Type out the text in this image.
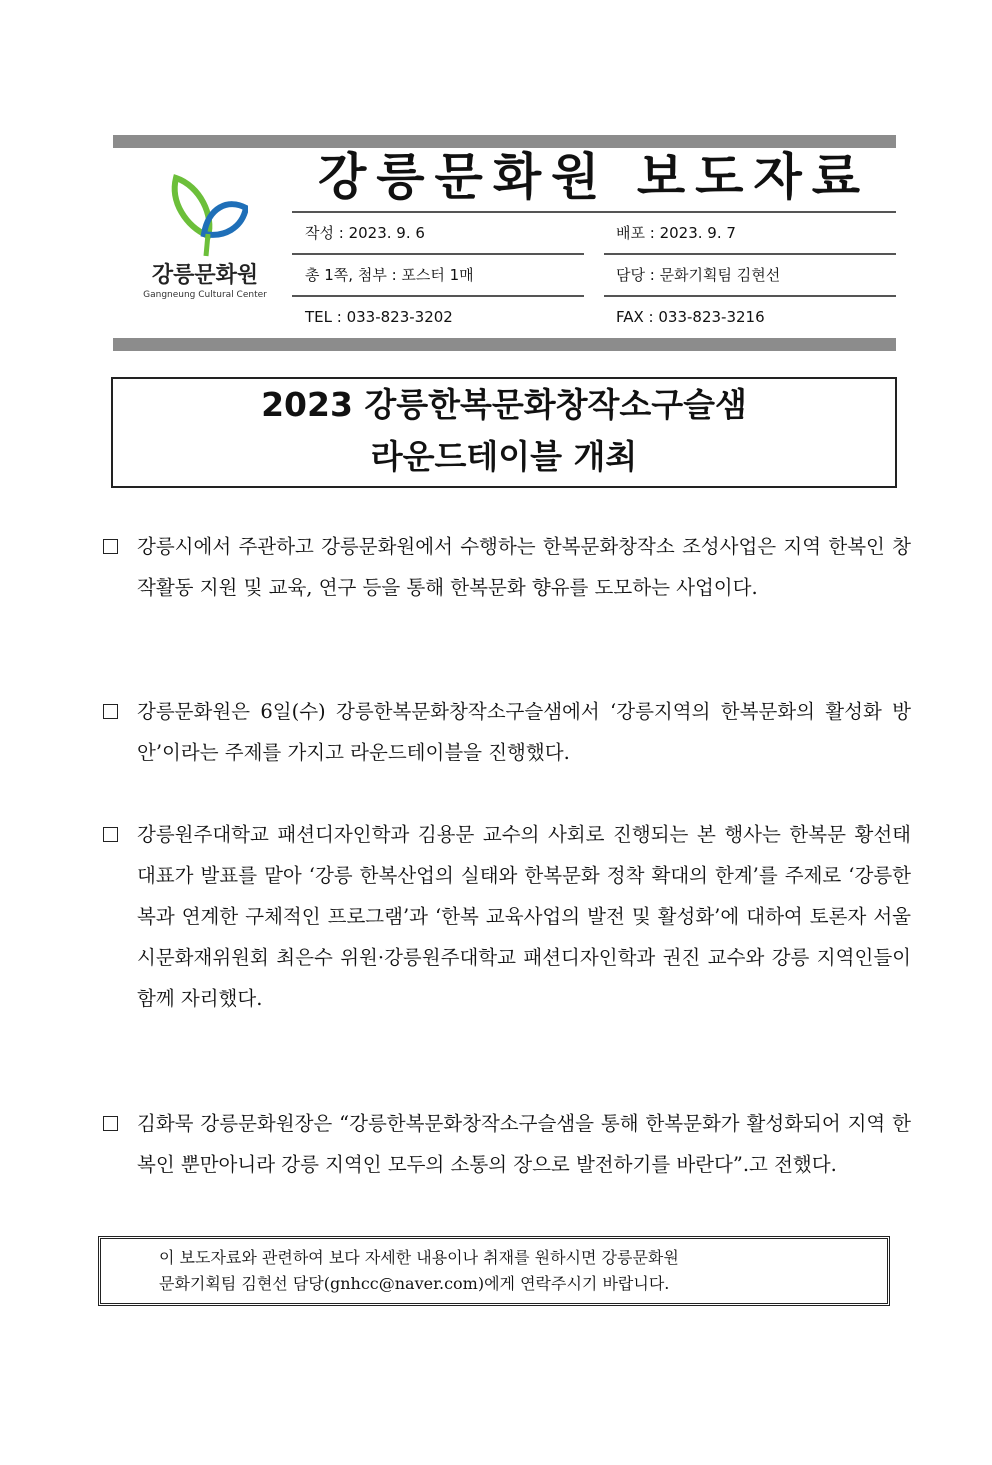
강릉문화원
Gangneung Cultural Center
강릉문화원 보도자료
작성 : 2023. 9. 6	배포 : 2023. 9. 7
총 1쪽, 첨부 : 포스터 1매	담당 : 문화기획팀 김현선
TEL : 033-823-3202	FAX : 033-823-3216
2023 강릉한복문화창작소구슬샘
라운드테이블 개최
강릉시에서 주관하고 강릉문화원에서 수행하는 한복문화창작소 조성사업은 지역 한복인 창작활동 지원 및 교육, 연구 등을 통해 한복문화 향유를 도모하는 사업이다.
강릉문화원은 6일(수) 강릉한복문화창작소구슬샘에서 ‘강릉지역의 한복문화의 활성화 방안’이라는 주제를 가지고 라운드테이블을 진행했다.
강릉원주대학교 패션디자인학과 김용문 교수의 사회로 진행되는 본 행사는 한복문 황선태 대표가 발표를 맡아 ‘강릉 한복산업의 실태와 한복문화 정착 확대의 한계’를 주제로 ‘강릉한복과 연계한 구체적인 프로그램’과 ‘한복 교육사업의 발전 및 활성화’에 대하여 토론자 서울시문화재위원회 최은수 위원·강릉원주대학교 패션디자인학과 권진 교수와 강릉 지역인들이 함께 자리했다.
김화묵 강릉문화원장은 “강릉한복문화창작소구슬샘을 통해 한복문화가 활성화되어 지역 한복인 뿐만아니라 강릉 지역인 모두의 소통의 장으로 발전하기를 바란다”.고 전했다.

이 보도자료와 관련하여 보다 자세한 내용이나 취재를 원하시면 강릉문화원

문화기획팀 김현선 담당(gnhcc@naver.com)에게 연락주시기 바랍니다.
